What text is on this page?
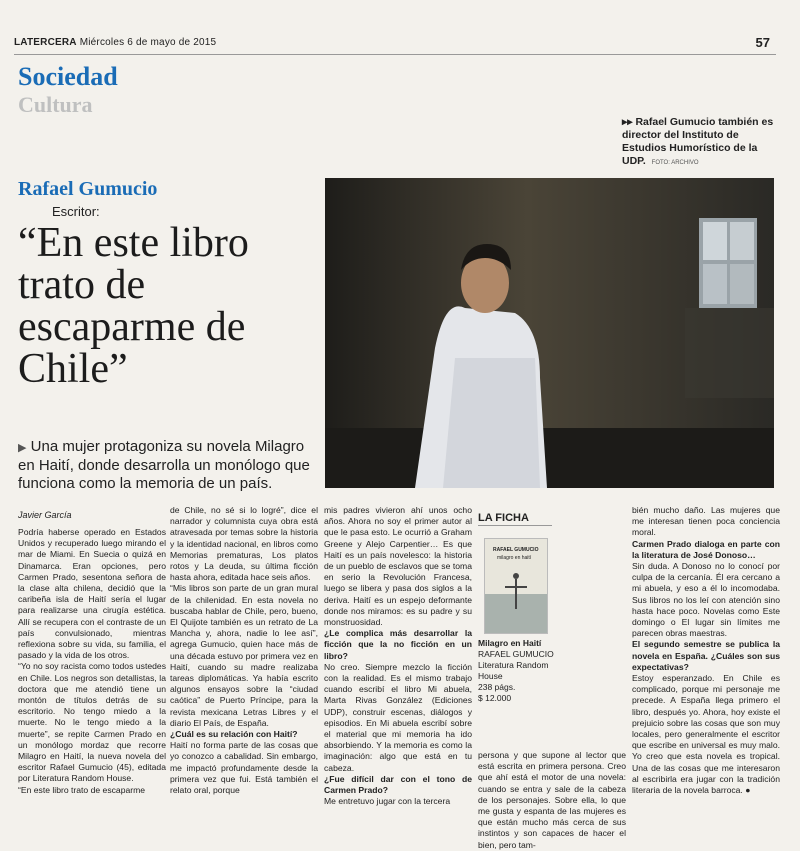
LATERCERA Miércoles 6 de mayo de 2015	57
Sociedad
Cultura
▸▸ Rafael Gumucio también es director del Instituto de Estudios Humorístico de la UDP. FOTO: ARCHIVO
Rafael Gumucio
Escritor:
“En este libro trato de escaparme de Chile”
▶ Una mujer protagoniza su novela Milagro en Haití, donde desarrolla un monólogo que funciona como la memoria de un país.
Javier García

Podría haberse operado en Estados Unidos y recuperado luego mirando el mar de Miami. En Suecia o quizá en Dinamarca. Eran opciones, pero Carmen Prado, sesentona señora de la clase alta chilena, decidió que la caribeña isla de Haití sería el lugar para realizarse una cirugía estética. Allí se recupera con el contraste de un país convulsionado, mientras reflexiona sobre su vida, su familia, el pasado y la vida de los otros.

“Yo no soy racista como todos ustedes en Chile. Los negros son detallistas, la doctora que me atendió tiene un montón de títulos detrás de su escritorio. No tengo miedo a la muerte. No le tengo miedo a la muerte”, se repite Carmen Prado en un monólogo mordaz que recorre Milagro en Haití, la nueva novela del escritor Rafael Gumucio (45), editada por Literatura Random House.

“En este libro trato de escaparme

de Chile, no sé si lo logré”, dice el narrador y columnista cuya obra está atravesada por temas sobre la historia y la identidad nacional, en libros como Memorias prematuras, Los platos rotos y La deuda, su última ficción hasta ahora, editada hace seis años.

“Mis libros son parte de un gran mural de la chilenidad. En esta novela no buscaba hablar de Chile, pero, bueno, El Quijote también es un retrato de La Mancha y, ahora, nadie lo lee así”, agrega Gumucio, quien hace más de una década estuvo por primera vez en Haití, cuando su madre realizaba tareas diplomáticas. Ya había escrito algunos ensayos sobre la “ciudad caótica” de Puerto Príncipe, para la revista mexicana Letras Libres y el diario El País, de España.

¿Cuál es su relación con Haití?

Haití no forma parte de las cosas que yo conozco a cabalidad. Sin embargo, me impactó profundamente desde la primera vez que fui. Está también el relato oral, porque

mis padres vivieron ahí unos ocho años. Ahora no soy el primer autor al que le pasa esto. Le ocurrió a Graham Greene y Alejo Carpentier… Es que Haití es un país novelesco: la historia de un pueblo de esclavos que se toma en serio la Revolución Francesa, luego se libera y pasa dos siglos a la deriva. Haití es un espejo deformante donde nos miramos: es su padre y su monstruosidad.

¿Le complica más desarrollar la ficción que la no ficción en un libro?

No creo. Siempre mezclo la ficción con la realidad. Es el mismo trabajo cuando escribí el libro Mi abuela, Marta Rivas González (Ediciones UDP), construir escenas, diálogos y episodios. En Mi abuela escribí sobre el material que mi memoria ha ido absorbiendo. Y la memoria es como la imaginación: algo que está en tu cabeza.

¿Fue difícil dar con el tono de Carmen Prado?

Me entretuvo jugar con la tercera

LA FICHA
RAFAEL GUMUCIO
milagro en haití
Milagro en Haití
RAFAEL GUMUCIO
Literatura Random House
238 págs.
$ 12.000

persona y que supone al lector que está escrita en primera persona. Creo que ahí está el motor de una novela: cuando se entra y sale de la cabeza de los personajes. Sobre ella, lo que me gusta y espanta de las mujeres es que están mucho más cerca de sus instintos y son capaces de hacer el bien, pero tam-

bién mucho daño. Las mujeres que me interesan tienen poca conciencia moral.

Carmen Prado dialoga en parte con la literatura de José Donoso…

Sin duda. A Donoso no lo conocí por culpa de la cercanía. Él era cercano a mi abuela, y eso a él lo incomodaba. Sus libros no los leí con atención sino hasta hace poco. Novelas como Este domingo o El lugar sin límites me parecen obras maestras.

El segundo semestre se publica la novela en España. ¿Cuáles son sus expectativas?

Estoy esperanzado. En Chile es complicado, porque mi personaje me precede. A España llega primero el libro, después yo. Ahora, hoy existe el prejuicio sobre las cosas que son muy locales, pero generalmente el escritor que escribe en universal es muy malo. Yo creo que esta novela es tropical. Una de las cosas que me interesaron al escribirla era jugar con la tradición literaria de la novela barroca. ●
